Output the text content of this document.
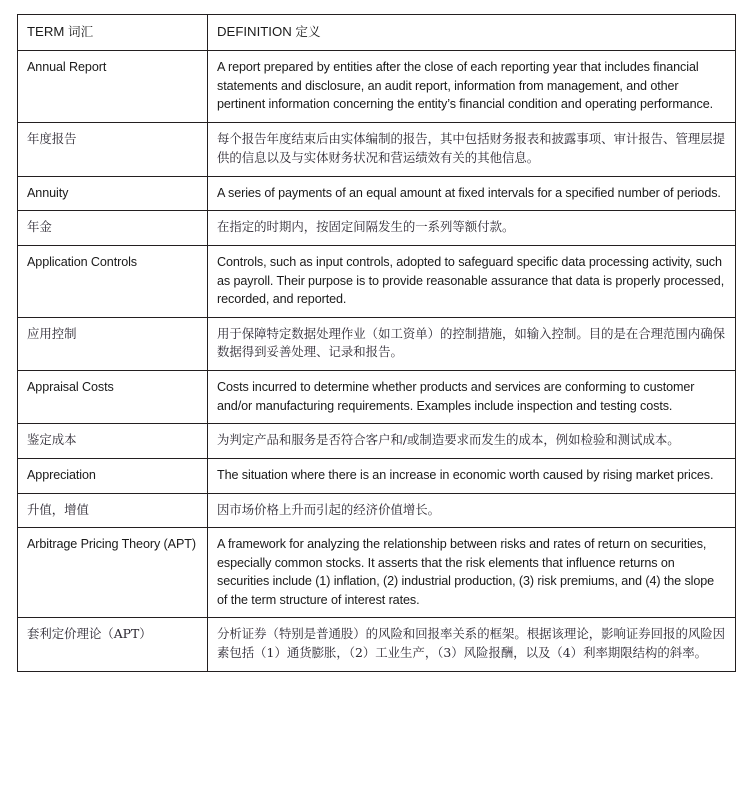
TERM 词汇	DEFINITION 定义
Annual Report	A report prepared by entities after the close of each reporting year that includes financial statements and disclosure, an audit report, information from management, and other pertinent information concerning the entity’s financial condition and operating performance.
年度报告	每个报告年度结束后由实体编制的报告，其中包括财务报表和披露事项、审计报告、管理层提供的信息以及与实体财务状况和营运绩效有关的其他信息。
Annuity	A series of payments of an equal amount at fixed intervals for a specified number of periods.
年金	在指定的时期内，按固定间隔发生的一系列等额付款。
Application Controls	Controls, such as input controls, adopted to safeguard specific data processing activity, such as payroll. Their purpose is to provide reasonable assurance that data is properly processed, recorded, and reported.
应用控制	用于保障特定数据处理作业（如工资单）的控制措施，如输入控制。目的是在合理范围内确保数据得到妥善处理、记录和报告。
Appraisal Costs	Costs incurred to determine whether products and services are conforming to customer and/or manufacturing requirements. Examples include inspection and testing costs.
鉴定成本	为判定产品和服务是否符合客户和/或制造要求而发生的成本，例如检验和测试成本。
Appreciation	The situation where there is an increase in economic worth caused by rising market prices.
升值，增值	因市场价格上升而引起的经济价值增长。
Arbitrage Pricing Theory (APT)	A framework for analyzing the relationship between risks and rates of return on securities, especially common stocks. It asserts that the risk elements that influence returns on securities include (1) inflation, (2) industrial production, (3) risk premiums, and (4) the slope of the term structure of interest rates.
套利定价理论（APT）	分析证券（特别是普通股）的风险和回报率关系的框架。根据该理论，影响证券回报的风险因素包括（1）通货膨胀，（2）工业生产，（3）风险报酬，以及（4）利率期限结构的斜率。
